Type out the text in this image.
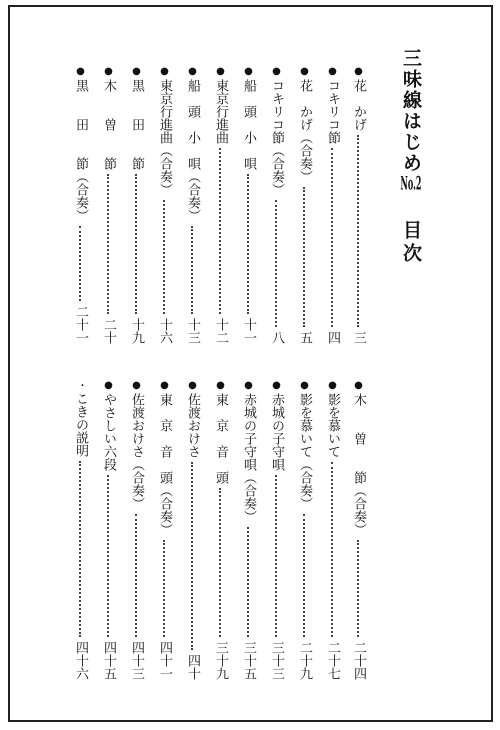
三味線はじめNo.2
目次
●
花　かげ
三
●
コキリコ節
四
●
花　かげ（合奏）
五
●
コキリコ節（合奏）
八
●
船　頭　小　唄
十一
●
東京行進曲
十二
●
船　頭　小　唄（合奏）
十三
●
東京行進曲（合奏）
十六
●
黒　　田　　節
十九
●
木　　曽　　節
二十
●
黒　　田　　節（合奏）
二十一
●
木　　曽　　節（合奏）
二十四
●
影を慕いて
二十七
●
影を慕いて（合奏）
二十九
●
赤城の子守唄
三十三
●
赤城の子守唄（合奏）
三十五
●
東　京　音　頭
三十九
●
佐渡おけさ
四十
●
東　京　音　頭（合奏）
四十一
●
佐渡おけさ（合奏）
四十三
●
やさしい六段
四十五
・
こきの説明
四十六
